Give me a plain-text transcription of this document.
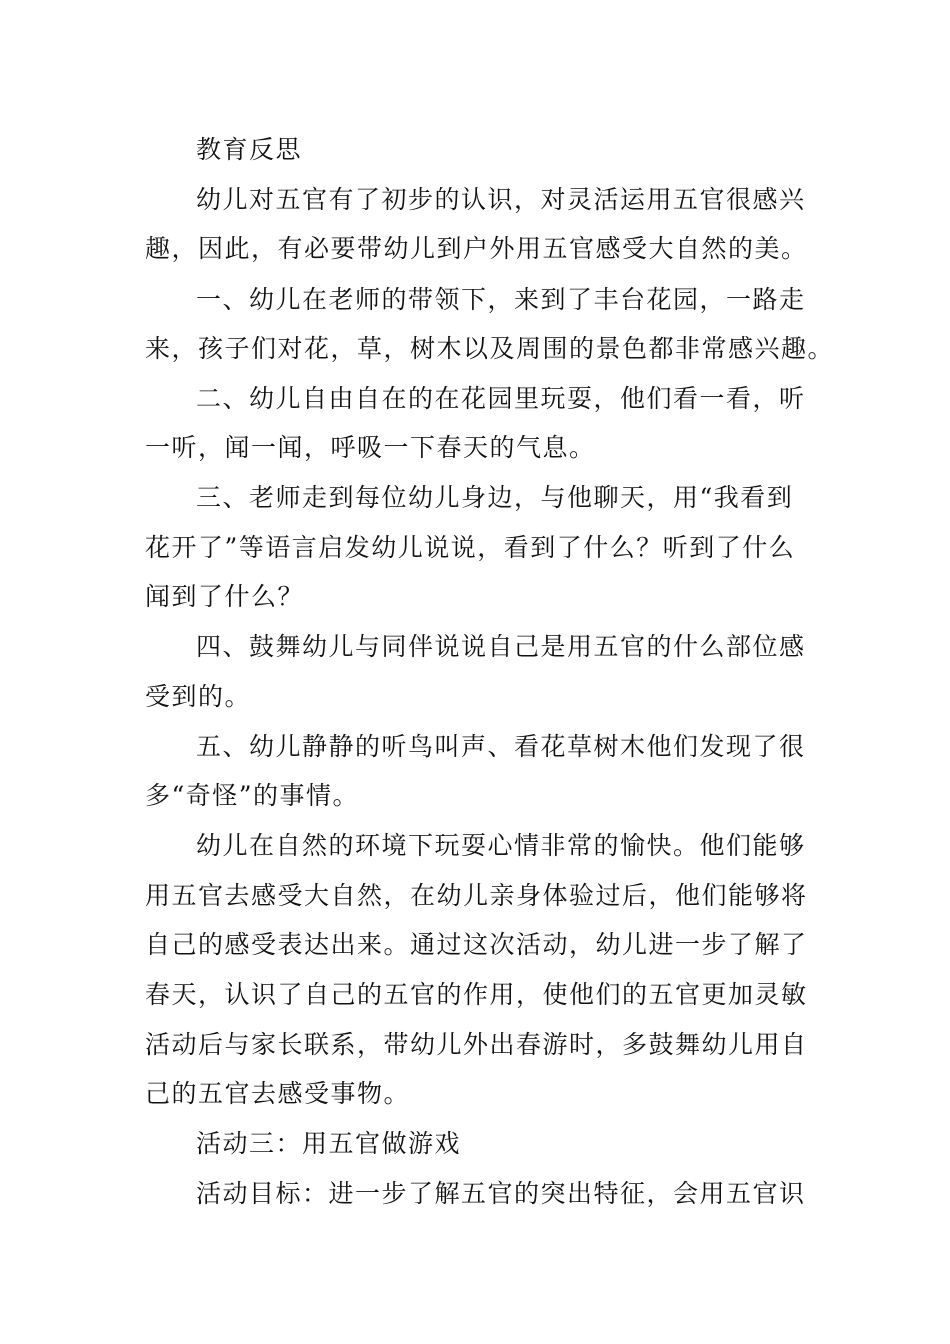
教育反思
幼儿对五官有了初步的认识，对灵活运用五官很感兴
趣，因此，有必要带幼儿到户外用五官感受大自然的美。
一、幼儿在老师的带领下，来到了丰台花园，一路走
来，孩子们对花，草，树木以及周围的景色都非常感兴趣。
二、幼儿自由自在的在花园里玩耍，他们看一看，听
一听，闻一闻，呼吸一下春天的气息。
三、老师走到每位幼儿身边，与他聊天，用“我看到
花开了”等语言启发幼儿说说，看到了什么？听到了什么
闻到了什么？
四、鼓舞幼儿与同伴说说自己是用五官的什么部位感
受到的。
五、幼儿静静的听鸟叫声、看花草树木他们发现了很
多“奇怪”的事情。
幼儿在自然的环境下玩耍心情非常的愉快。他们能够
用五官去感受大自然，在幼儿亲身体验过后，他们能够将
自己的感受表达出来。通过这次活动，幼儿进一步了解了
春天，认识了自己的五官的作用，使他们的五官更加灵敏
活动后与家长联系，带幼儿外出春游时，多鼓舞幼儿用自
己的五官去感受事物。
活动三：用五官做游戏
活动目标：进一步了解五官的突出特征，会用五官识
